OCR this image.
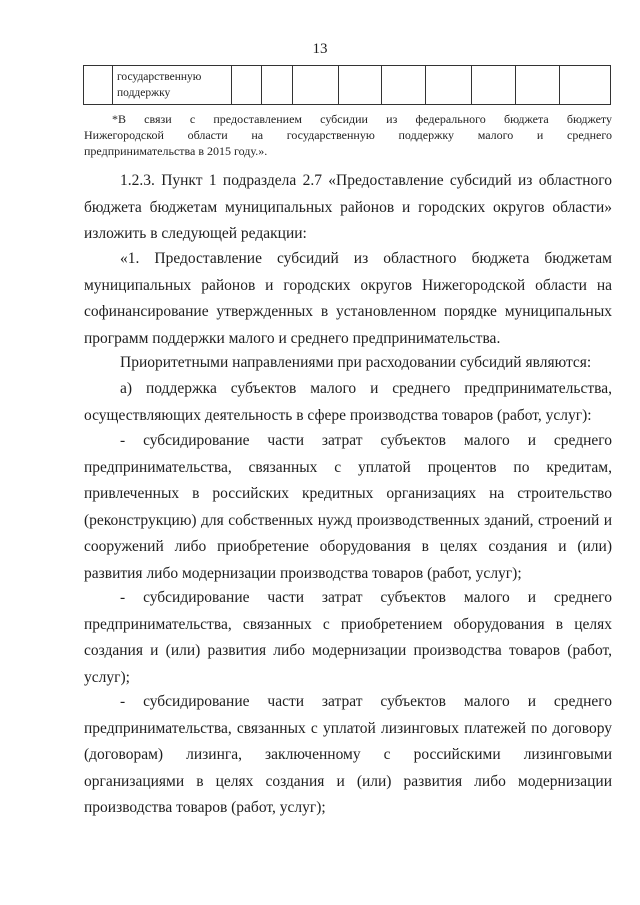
13

государственную
поддержку

*В связи с предоставлением субсидии из федерального бюджета бюджету
Нижегородской области на государственную поддержку малого и среднего
предпринимательства в 2015 году.».
1.2.3. Пункт 1 подраздела 2.7 «Предоставление субсидий из областного
бюджета бюджетам муниципальных районов и городских округов области»
изложить в следующей редакции:
«1. Предоставление субсидий из областного бюджета бюджетам
муниципальных районов и городских округов Нижегородской области на
софинансирование утвержденных в установленном порядке муниципальных
программ поддержки малого и среднего предпринимательства.
Приоритетными направлениями при расходовании субсидий являются:
а) поддержка субъектов малого и среднего предпринимательства,
осуществляющих деятельность в сфере производства товаров (работ, услуг):
- субсидирование части затрат субъектов малого и среднего
предпринимательства, связанных с уплатой процентов по кредитам,
привлеченных в российских кредитных организациях на строительство
(реконструкцию) для собственных нужд производственных зданий, строений и
сооружений либо приобретение оборудования в целях создания и (или)
развития либо модернизации производства товаров (работ, услуг);
- субсидирование части затрат субъектов малого и среднего
предпринимательства, связанных с приобретением оборудования в целях
создания и (или) развития либо модернизации производства товаров (работ,
услуг);
- субсидирование части затрат субъектов малого и среднего
предпринимательства, связанных с уплатой лизинговых платежей по договору
(договорам) лизинга, заключенному с российскими лизинговыми
организациями в целях создания и (или) развития либо модернизации
производства товаров (работ, услуг);
